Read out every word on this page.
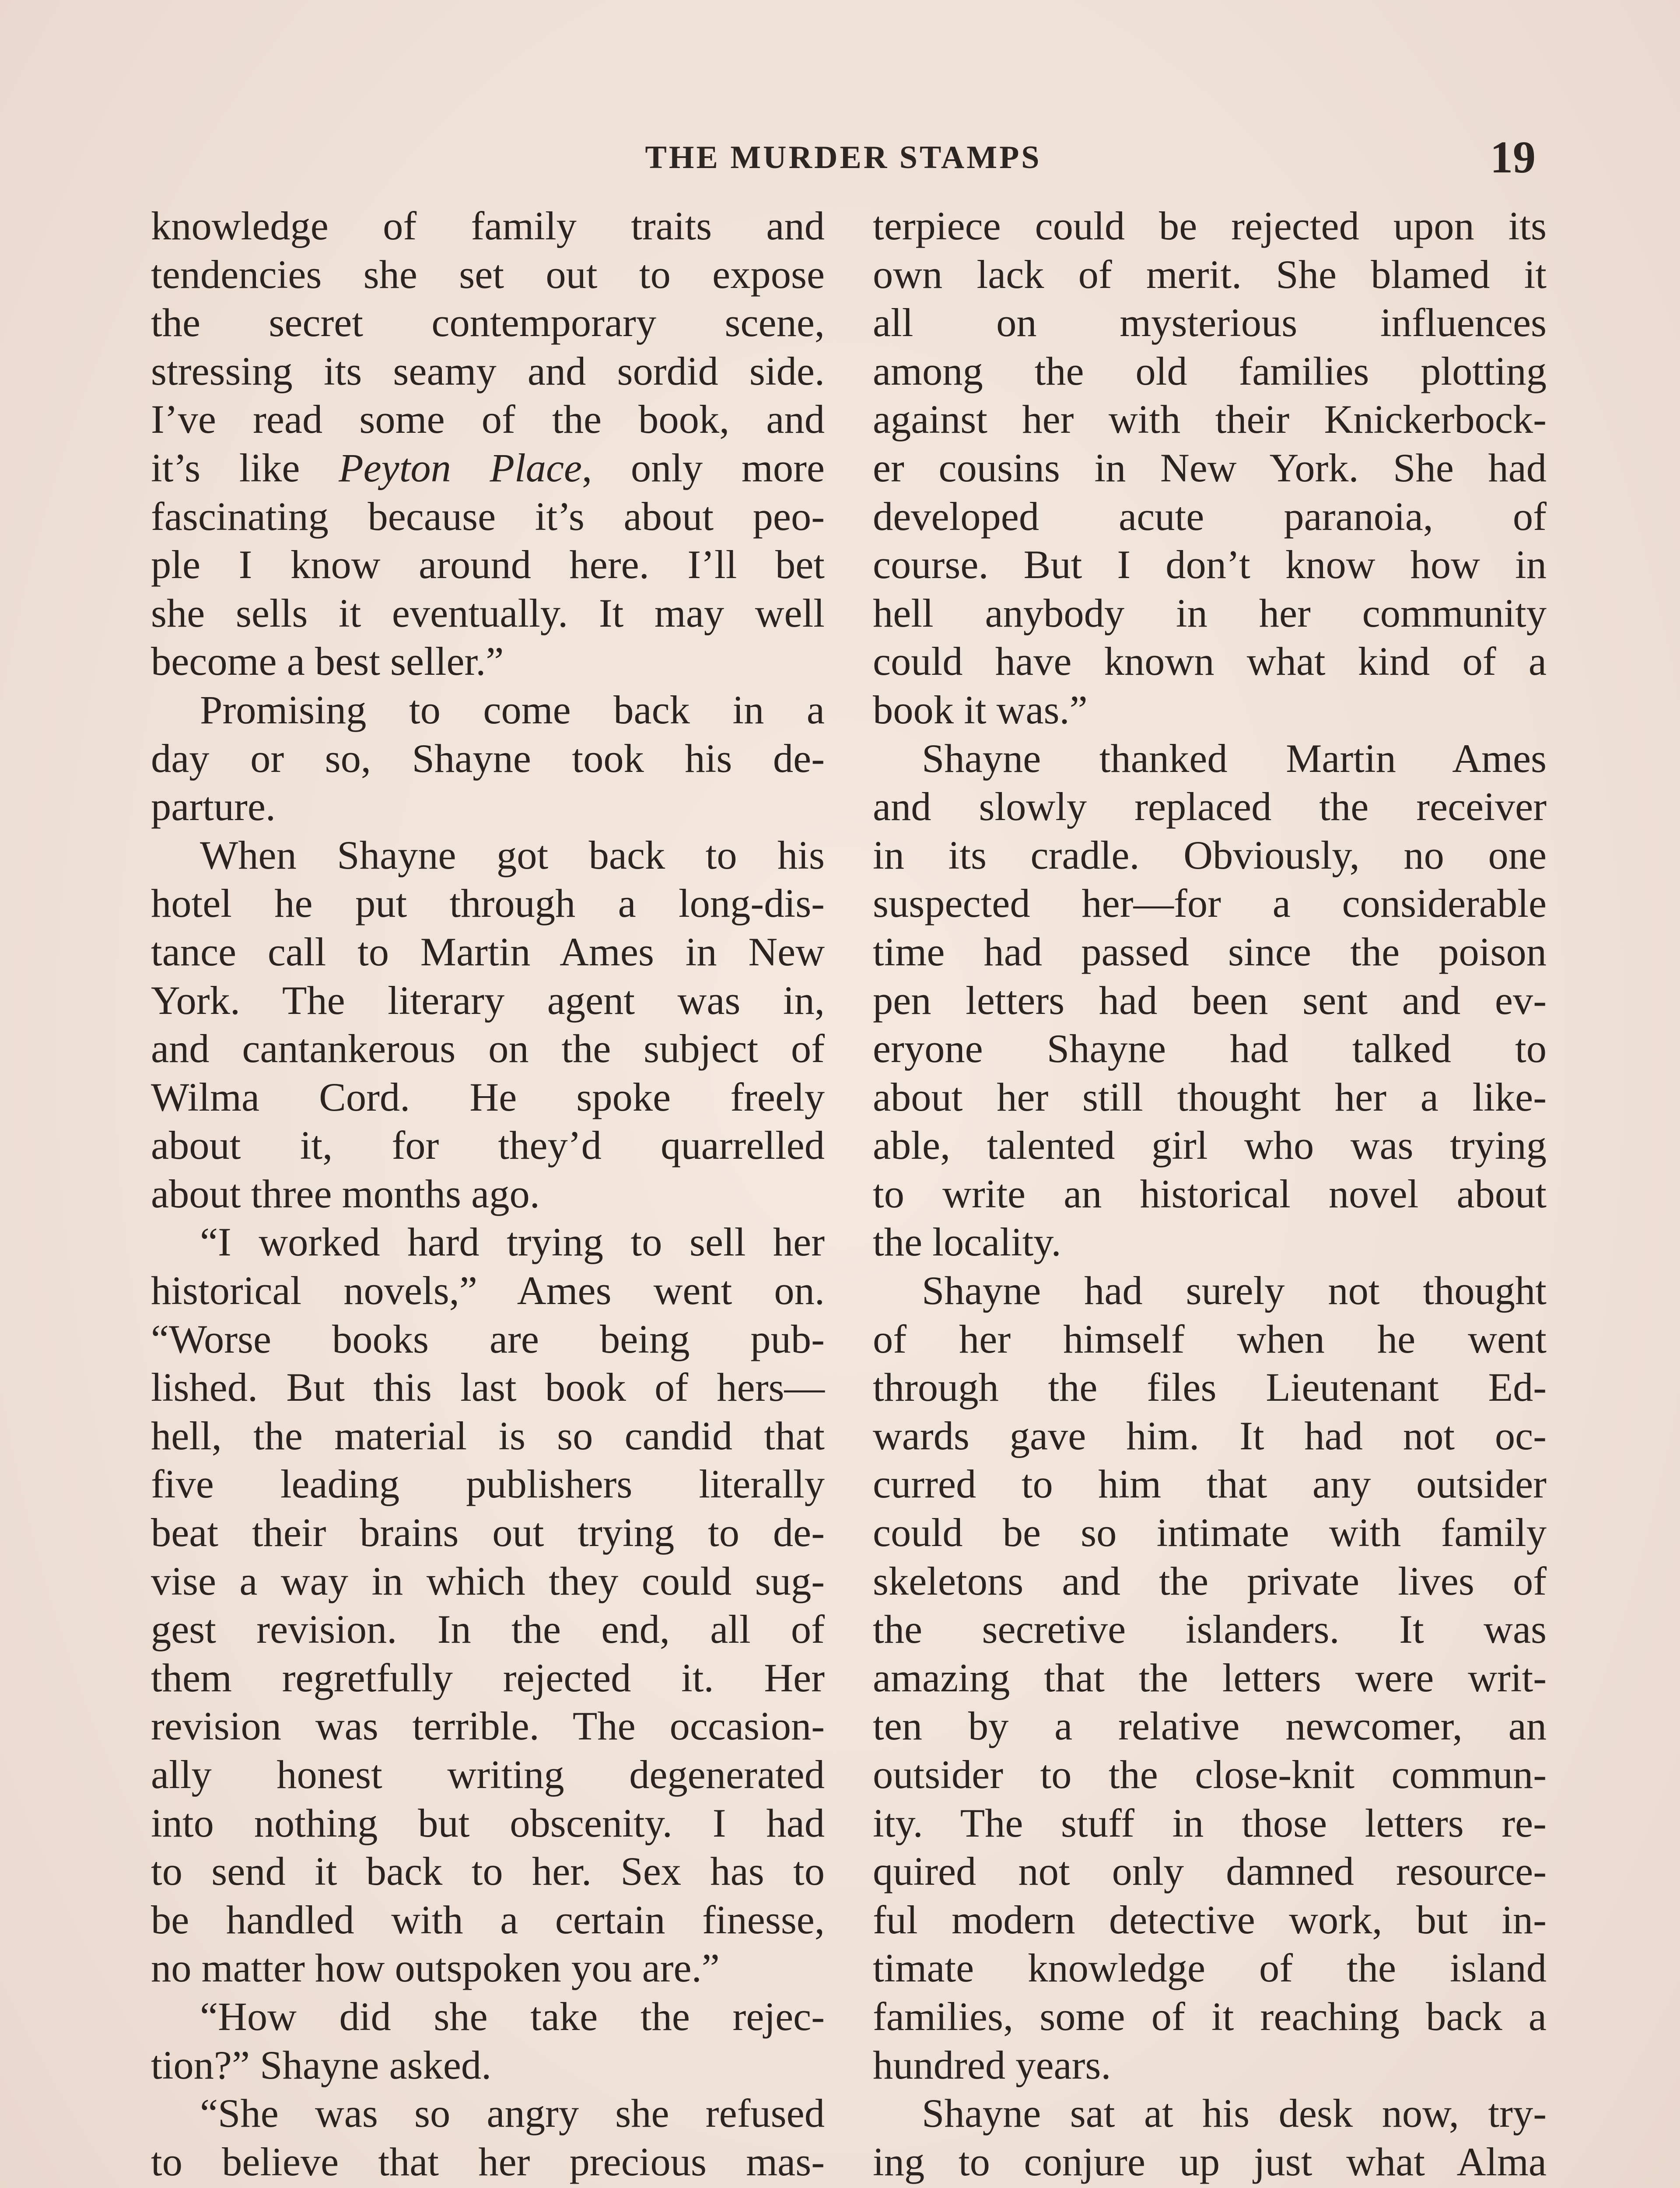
THE MURDER STAMPS	19
knowledge of family traits and
tendencies she set out to expose
the secret contemporary scene,
stressing its seamy and sordid side.
I’ve read some of the book, and
it’s like Peyton Place, only more
fascinating because it’s about peo-
ple I know around here. I’ll bet
she sells it eventually. It may well
become a best seller.”
Promising to come back in a
day or so, Shayne took his de-
parture.
When Shayne got back to his
hotel he put through a long-dis-
tance call to Martin Ames in New
York. The literary agent was in,
and cantankerous on the subject of
Wilma Cord. He spoke freely
about it, for they’d quarrelled
about three months ago.
“I worked hard trying to sell her
historical novels,” Ames went on.
“Worse books are being pub-
lished. But this last book of hers—
hell, the material is so candid that
five leading publishers literally
beat their brains out trying to de-
vise a way in which they could sug-
gest revision. In the end, all of
them regretfully rejected it. Her
revision was terrible. The occasion-
ally honest writing degenerated
into nothing but obscenity. I had
to send it back to her. Sex has to
be handled with a certain finesse,
no matter how outspoken you are.”
“How did she take the rejec-
tion?” Shayne asked.
“She was so angry she refused
to believe that her precious mas-
terpiece could be rejected upon its
own lack of merit. She blamed it
all on mysterious influences
among the old families plotting
against her with their Knickerbock-
er cousins in New York. She had
developed acute paranoia, of
course. But I don’t know how in
hell anybody in her community
could have known what kind of a
book it was.”
Shayne thanked Martin Ames
and slowly replaced the receiver
in its cradle. Obviously, no one
suspected her—for a considerable
time had passed since the poison
pen letters had been sent and ev-
eryone Shayne had talked to
about her still thought her a like-
able, talented girl who was trying
to write an historical novel about
the locality.
Shayne had surely not thought
of her himself when he went
through the files Lieutenant Ed-
wards gave him. It had not oc-
curred to him that any outsider
could be so intimate with family
skeletons and the private lives of
the secretive islanders. It was
amazing that the letters were writ-
ten by a relative newcomer, an
outsider to the close-knit commun-
ity. The stuff in those letters re-
quired not only damned resource-
ful modern detective work, but in-
timate knowledge of the island
families, some of it reaching back a
hundred years.
Shayne sat at his desk now, try-
ing to conjure up just what Alma
